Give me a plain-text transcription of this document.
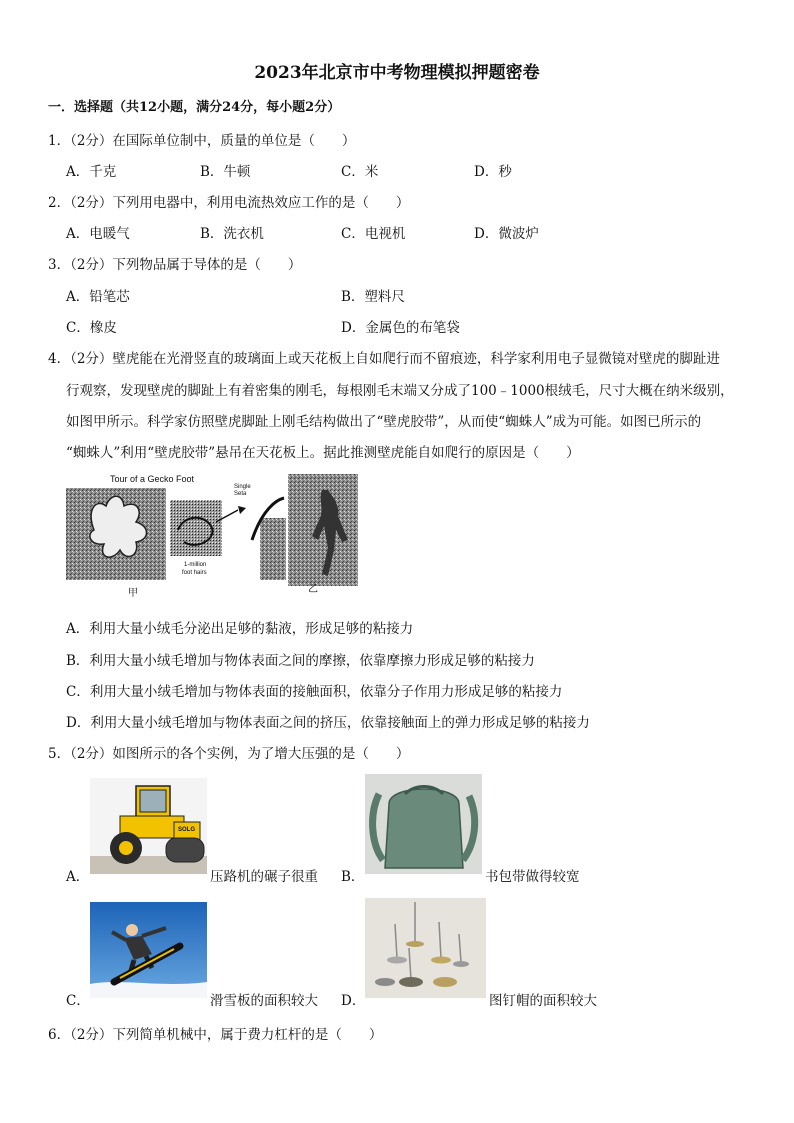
2023年北京市中考物理模拟押题密卷
一．选择题（共12小题，满分24分，每小题2分）
1．（2分）在国际单位制中，质量的单位是（　　）
A．千克	B．牛顿	C．米	D．秒
2．（2分）下列用电器中，利用电流热效应工作的是（　　）
A．电暖气	B．洗衣机	C．电视机	D．微波炉
3．（2分）下列物品属于导体的是（　　）
A．铅笔芯	B．塑料尺
C．橡皮	D．金属色的布笔袋
4．（2分）壁虎能在光滑竖直的玻璃面上或天花板上自如爬行而不留痕迹，科学家利用电子显微镜对壁虎的脚趾进
行观察，发现壁虎的脚趾上有着密集的刚毛，每根刚毛末端又分成了100﹣1000根绒毛，尺寸大概在纳米级别，
如图甲所示。科学家仿照壁虎脚趾上刚毛结构做出了“壁虎胶带”，从而使“蜘蛛人”成为可能。如图已所示的
“蜘蛛人”利用“壁虎胶带”悬吊在天花板上。据此推测壁虎能自如爬行的原因是（　　）
Tour of a Gecko Foot
Single Seta
1-million
foot hairs
甲	乙
A．利用大量小绒毛分泌出足够的黏液，形成足够的粘接力
B．利用大量小绒毛增加与物体表面之间的摩擦，依靠摩擦力形成足够的粘接力
C．利用大量小绒毛增加与物体表面的接触面积，依靠分子作用力形成足够的粘接力
D．利用大量小绒毛增加与物体表面之间的挤压，依靠接触面上的弹力形成足够的粘接力
5．（2分）如图所示的各个实例，为了增大压强的是（　　）
SOLG
A．	压路机的碾子很重 B．	书包带做得较宽
C．	滑雪板的面积较大 D．	图钉帽的面积较大
6．（2分）下列简单机械中，属于费力杠杆的是（　　）
